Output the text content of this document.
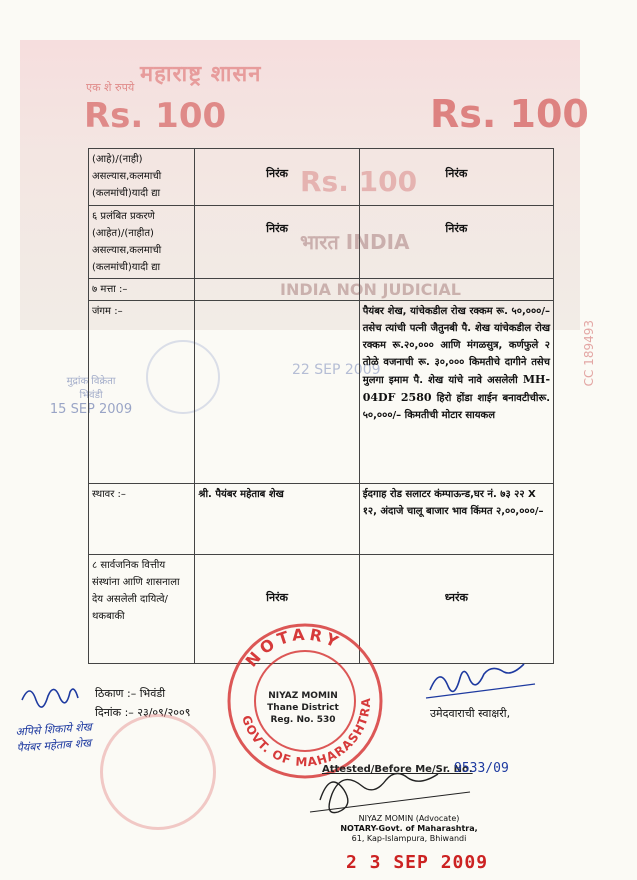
महाराष्ट्र शासन
एक शे रुपये
Rs. 100	Rs. 100
Rs. 100
भारत INDIA
INDIA NON JUDICIAL
CC 189493
मुद्रांक विक्रेता
भिवंडी
15 SEP 2009
22 SEP 2009
(आहे)/(नाही) असल्यास,कलमाची (कलमांची)यादी द्या	निरंक	निरंक
६ प्रलंबित प्रकरणे (आहेत)/(नाहीत) असल्यास,कलमाची (कलमांची)यादी द्या	निरंक	निरंक
७ मत्ता :–		
जंगम :–		पैयंबर शेख, यांचेकडील रोख रक्कम रू. ५०,०००/– तसेच त्यांची पत्नी जैतुनबी पै. शेख यांचेकडील रोख रक्कम रू.२०,००० आणि मंगळसुत्र, कर्णफुले २ तोळे वजनाची रू. ३०,००० किमतीचे दागीने तसेच मुलगा इमाम पै. शेख यांचे नावे असलेली MH-04DF 2580 हिरो होंडा शाईन बनावटीचीरू. ५०,०००/– किमतीची मोटार सायकल
स्थावर :–	श्री. पैयंबर महेताब शेख	ईदगाह रोड सलाटर कंम्पाऊन्ड,घर नं. ७३ २२ X १२, अंदाजे चालू बाजार भाव किंमत २,००,०००/–
८ सार्वजनिक वित्तीय संस्थांना आणि शासनाला देय असलेली दायित्वे/थकबाकी	निरंक	ध्नरंक
ठिकाण :– भिवंडी
दिनांक :– २३/०९/२००९	उमेदवाराची स्वाक्षरी,
अपिसे शिकाये शेख
पैयंबर महेताब शेख
NOTARY
GOVT. OF MAHARASHTRA
NIYAZ MOMIN
Thane District
Reg. No. 530
Attested/Before Me/Sr. No.
9533/09
NIYAZ MOMIN (Advocate)
NOTARY-Govt. of Maharashtra,
61, Kap-Islampura, Bhiwandi
2 3 SEP 2009
